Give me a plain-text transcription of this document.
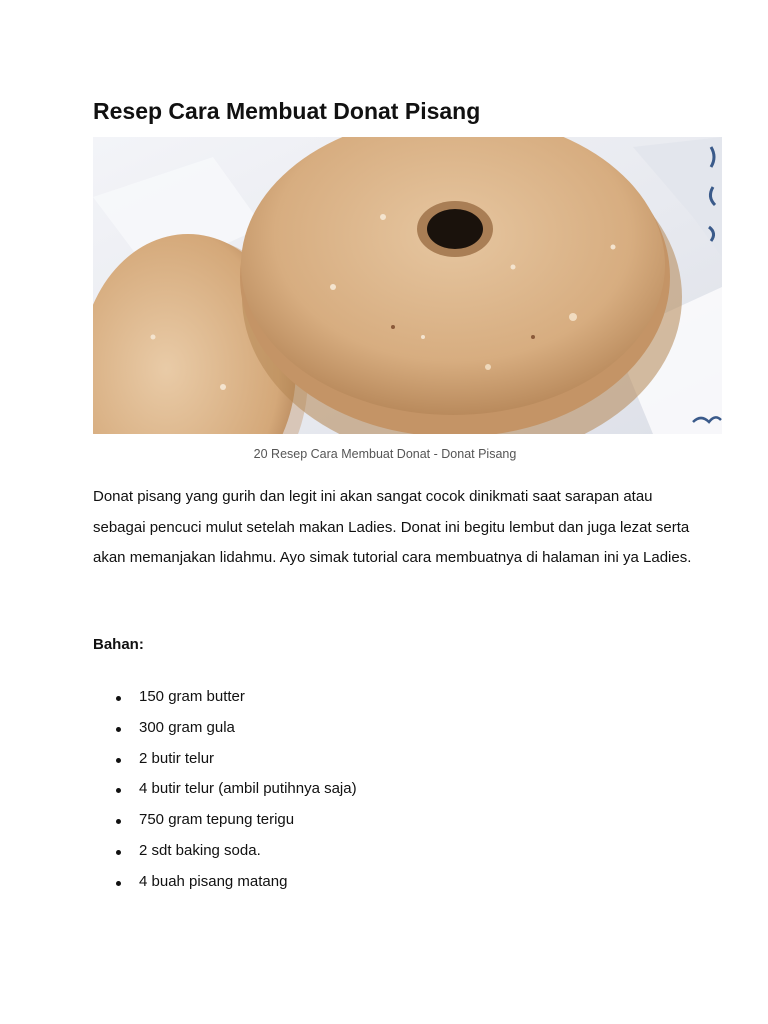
Resep Cara Membuat Donat Pisang
20 Resep Cara Membuat Donat - Donat Pisang

Donat pisang yang gurih dan legit ini akan sangat cocok dinikmati saat sarapan atau sebagai pencuci mulut setelah makan Ladies. Donat ini begitu lembut dan juga lezat serta akan memanjakan lidahmu. Ayo simak tutorial cara membuatnya di halaman ini ya Ladies.

Bahan:
150 gram butter
300 gram gula
2 butir telur
4 butir telur (ambil putihnya saja)
750 gram tepung terigu
2 sdt baking soda.
4 buah pisang matang
